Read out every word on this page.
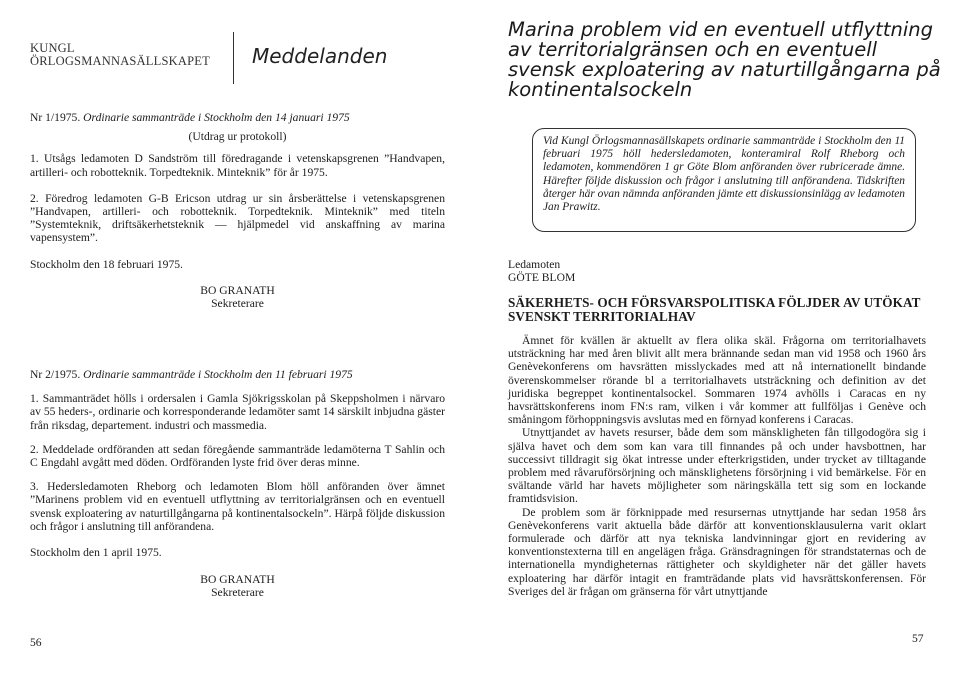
KUNGL
ÖRLOGSMANNASÄLLSKAPET Meddelanden

Nr 1/1975. Ordinarie sammanträde i Stockholm den 14 januari 1975

(Utdrag ur protokoll)

1. Utsågs ledamoten D Sandström till föredragande i vetenskapsgrenen ”Handvapen, artilleri- och robotteknik. Torpedteknik. Minteknik” för år 1975.

2. Föredrog ledamoten G-B Ericson utdrag ur sin årsberättelse i vetenskapsgrenen ”Handvapen, artilleri- och robotteknik. Torpedteknik. Minteknik” med titeln ”Systemteknik, driftsäkerhetsteknik — hjälpmedel vid anskaffning av marina vapensystem”.

Stockholm den 18 februari 1975.

BO GRANATH

Sekreterare

Nr 2/1975. Ordinarie sammanträde i Stockholm den 11 februari 1975

1. Sammanträdet hölls i ordersalen i Gamla Sjökrigsskolan på Skeppsholmen i närvaro av 55 heders-, ordinarie och korresponderande ledamöter samt 14 särskilt inbjudna gäster från riksdag, departement. industri och massmedia.

2. Meddelade ordföranden att sedan föregående sammanträde ledamöterna T Sahlin och C Engdahl avgått med döden. Ordföranden lyste frid över deras minne.

3. Hedersledamoten Rheborg och ledamoten Blom höll anföranden över ämnet ”Marinens problem vid en eventuell utflyttning av territorialgränsen och en eventuell svensk exploatering av naturtillgångarna på kontinentalsockeln”. Härpå följde diskussion och frågor i anslutning till anförandena.

Stockholm den 1 april 1975.

BO GRANATH

Sekreterare

56
Marina problem vid en eventuell utflyttning av territorialgränsen och en eventuell svensk exploatering av naturtillgångarna på kontinentalsockeln

Vid Kungl Örlogsmannasällskapets ordinarie sammanträde i Stockholm den 11 februari 1975 höll hedersledamoten, konteramiral Rolf Rheborg och ledamoten, kommendören 1 gr Göte Blom anföranden över rubricerade ämne. Härefter följde diskussion och frågor i anslutning till anförandena. Tidskriften återger här ovan nämnda anföranden jämte ett diskussionsinlägg av ledamoten Jan Prawitz.

Ledamoten

GÖTE BLOM

SÄKERHETS- OCH FÖRSVARSPOLITISKA FÖLJDER AV UTÖKAT
SVENSKT TERRITORIALHAV

Ämnet för kvällen är aktuellt av flera olika skäl. Frågorna om territorialhavets utsträckning har med åren blivit allt mera brännande sedan man vid 1958 och 1960 års Genèvekonferens om havsrätten misslyckades med att nå internationellt bindande överenskommelser rörande bl a territorialhavets utsträckning och definition av det juridiska begreppet kontinentalsockel. Sommaren 1974 avhölls i Caracas en ny havsrättskonferens inom FN:s ram, vilken i vår kommer att fullföljas i Genève och småningom förhoppningsvis avslutas med en förnyad konferens i Caracas.

Utnyttjandet av havets resurser, både dem som mänskligheten fån tillgodogöra sig i själva havet och dem som kan vara till finnandes på och under havsbottnen, har successivt tilldragit sig ökat intresse under efterkrigstiden, under trycket av tilltagande problem med råvaruförsörjning och mänsklighetens försörjning i vid bemärkelse. För en svältande värld har havets möjligheter som näringskälla tett sig som en lockande framtidsvision.

De problem som är förknippade med resursernas utnyttjande har sedan 1958 års Genèvekonferens varit aktuella både därför att konventionsklausulerna varit oklart formulerade och därför att nya tekniska landvinningar gjort en revidering av konventionstexterna till en angelägen fråga. Gränsdragningen för strandstaternas och de internationella myndigheternas rättigheter och skyldigheter när det gäller havets exploatering har därför intagit en framträdande plats vid havsrättskonferensen. För Sveriges del är frågan om gränserna för vårt utnyttjande

57
